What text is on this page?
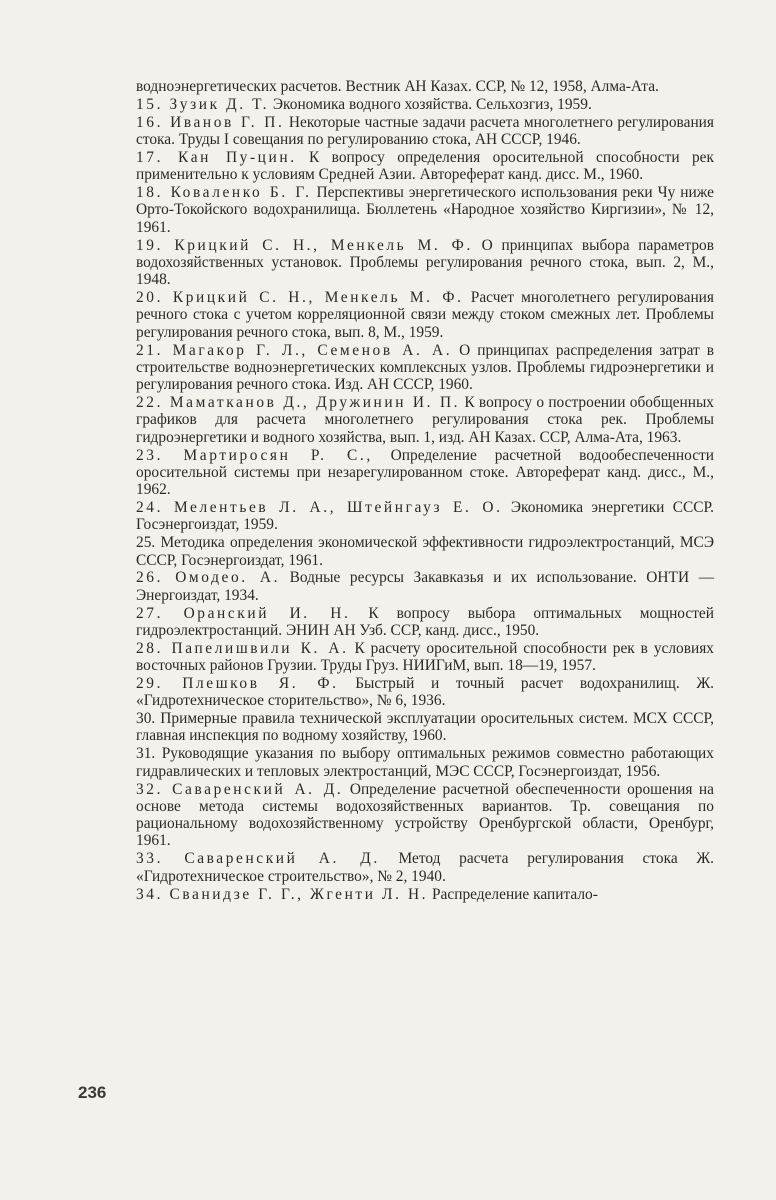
водноэнергетических расчетов. Вестник АН Казах. ССР, № 12, 1958, Алма-Ата.

15. Зузик Д. Т. Экономика водного хозяйства. Сельхозгиз, 1959.

16. Иванов Г. П. Некоторые частные задачи расчета многолетнего регулирования стока. Труды I совещания по регулированию стока, АН СССР, 1946.

17. Кан Пу-цин. К вопросу определения оросительной способности рек применительно к условиям Средней Азии. Автореферат канд. дисс. М., 1960.

18. Коваленко Б. Г. Перспективы энергетического использования реки Чу ниже Орто-Токойского водохранилища. Бюллетень «Народное хозяйство Киргизии», № 12, 1961.

19. Крицкий С. Н., Менкель М. Ф. О принципах выбора параметров водохозяйственных установок. Проблемы регулирования речного стока, вып. 2, М., 1948.

20. Крицкий С. Н., Менкель М. Ф. Расчет многолетнего регулирования речного стока с учетом корреляционной связи между стоком смежных лет. Проблемы регулирования речного стока, вып. 8, М., 1959.

21. Магакор Г. Л., Семенов А. А. О принципах распределения затрат в строительстве водноэнергетических комплексных узлов. Проблемы гидроэнергетики и регулирования речного стока. Изд. АН СССР, 1960.

22. Маматканов Д., Дружинин И. П. К вопросу о построении обобщенных графиков для расчета многолетнего регулирования стока рек. Проблемы гидроэнергетики и водного хозяйства, вып. 1, изд. АН Казах. ССР, Алма-Ата, 1963.

23. Мартиросян Р. С., Определение расчетной водообеспеченности оросительной системы при незарегулированном стоке. Автореферат канд. дисс., М., 1962.

24. Мелентьев Л. А., Штейнгауз Е. О. Экономика энергетики СССР. Госэнергоиздат, 1959.

25. Методика определения экономической эффективности гидроэлектростанций, МСЭ СССР, Госэнергоиздат, 1961.

26. Омодео. А. Водные ресурсы Закавказья и их использование. ОНТИ — Энергоиздат, 1934.

27. Оранский И. Н. К вопросу выбора оптимальных мощностей гидроэлектростанций. ЭНИН АН Узб. ССР, канд. дисс., 1950.

28. Папелишвили К. А. К расчету оросительной способности рек в условиях восточных районов Грузии. Труды Груз. НИИГиМ, вып. 18—19, 1957.

29. Плешков Я. Ф. Быстрый и точный расчет водохранилищ. Ж. «Гидротехническое сторительство», № 6, 1936.

30. Примерные правила технической эксплуатации оросительных систем. МСХ СССР, главная инспекция по водному хозяйству, 1960.

31. Руководящие указания по выбору оптимальных режимов совместно работающих гидравлических и тепловых электростанций, МЭС СССР, Госэнергоиздат, 1956.

32. Саваренский А. Д. Определение расчетной обеспеченности орошения на основе метода системы водохозяйственных вариантов. Тр. совещания по рациональному водохозяйственному устройству Оренбургской области, Оренбург, 1961.

33. Саваренский А. Д. Метод расчета регулирования стока Ж. «Гидротехническое строительство», № 2, 1940.

34. Сванидзе Г. Г., Жгенти Л. Н. Распределение капитало-

236
